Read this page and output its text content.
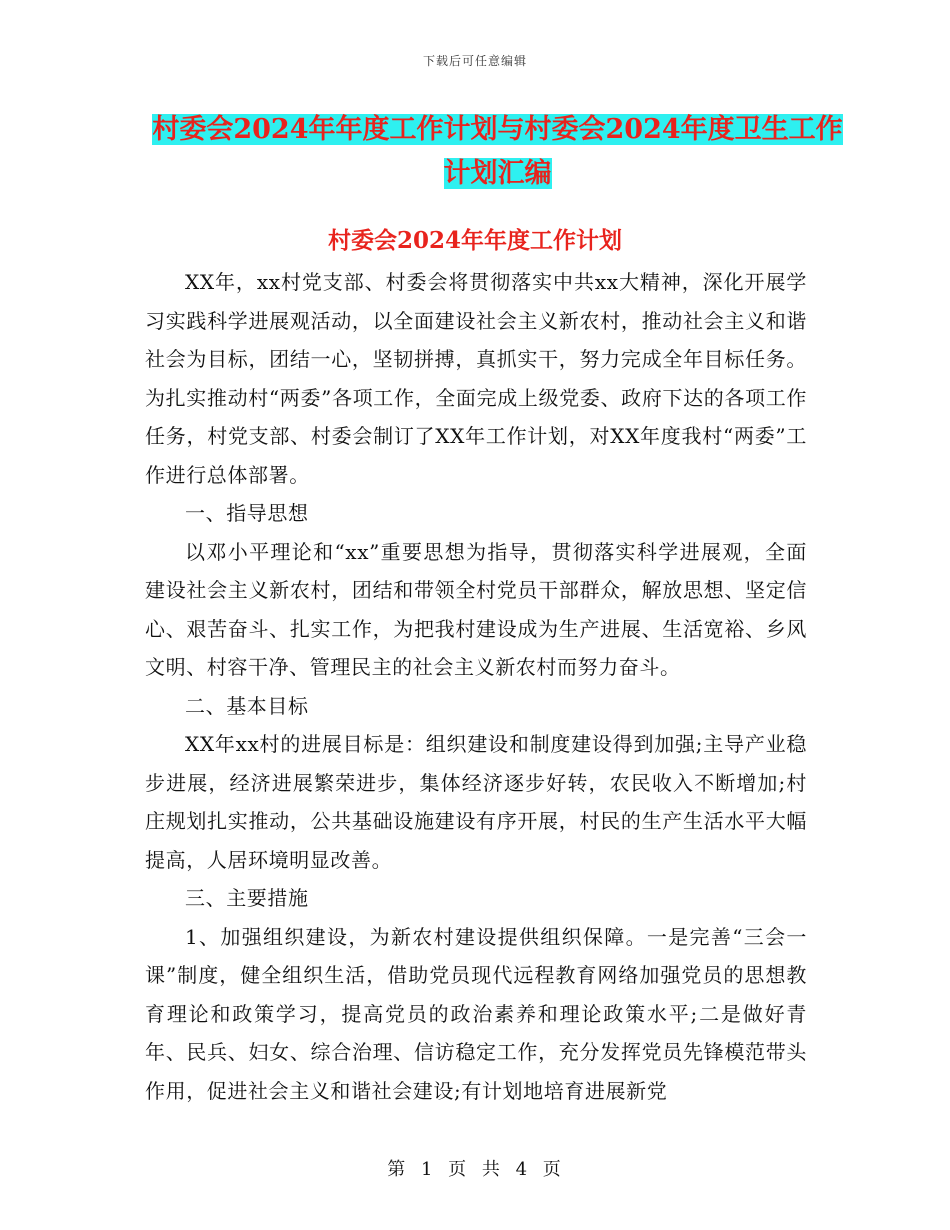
下载后可任意编辑
村委会2024年年度工作计划与村委会2024年度卫生工作计划汇编
村委会2024年年度工作计划

XX年，xx村党支部、村委会将贯彻落实中共xx大精神，深化开展学习实践科学进展观活动，以全面建设社会主义新农村，推动社会主义和谐社会为目标，团结一心，坚韧拼搏，真抓实干，努力完成全年目标任务。为扎实推动村“两委”各项工作，全面完成上级党委、政府下达的各项工作任务，村党支部、村委会制订了XX年工作计划，对XX年度我村“两委”工作进行总体部署。

一、指导思想

以邓小平理论和“xx”重要思想为指导，贯彻落实科学进展观，全面建设社会主义新农村，团结和带领全村党员干部群众，解放思想、坚定信心、艰苦奋斗、扎实工作，为把我村建设成为生产进展、生活宽裕、乡风文明、村容干净、管理民主的社会主义新农村而努力奋斗。

二、基本目标

XX年xx村的进展目标是：组织建设和制度建设得到加强;主导产业稳步进展，经济进展繁荣进步，集体经济逐步好转，农民收入不断增加;村庄规划扎实推动，公共基础设施建设有序开展，村民的生产生活水平大幅提高，人居环境明显改善。

三、主要措施

1、加强组织建设，为新农村建设提供组织保障。一是完善“三会一课”制度，健全组织生活，借助党员现代远程教育网络加强党员的思想教育理论和政策学习，提高党员的政治素养和理论政策水平;二是做好青年、民兵、妇女、综合治理、信访稳定工作，充分发挥党员先锋模范带头作用，促进社会主义和谐社会建设;有计划地培育进展新党

第 1 页 共 4 页
